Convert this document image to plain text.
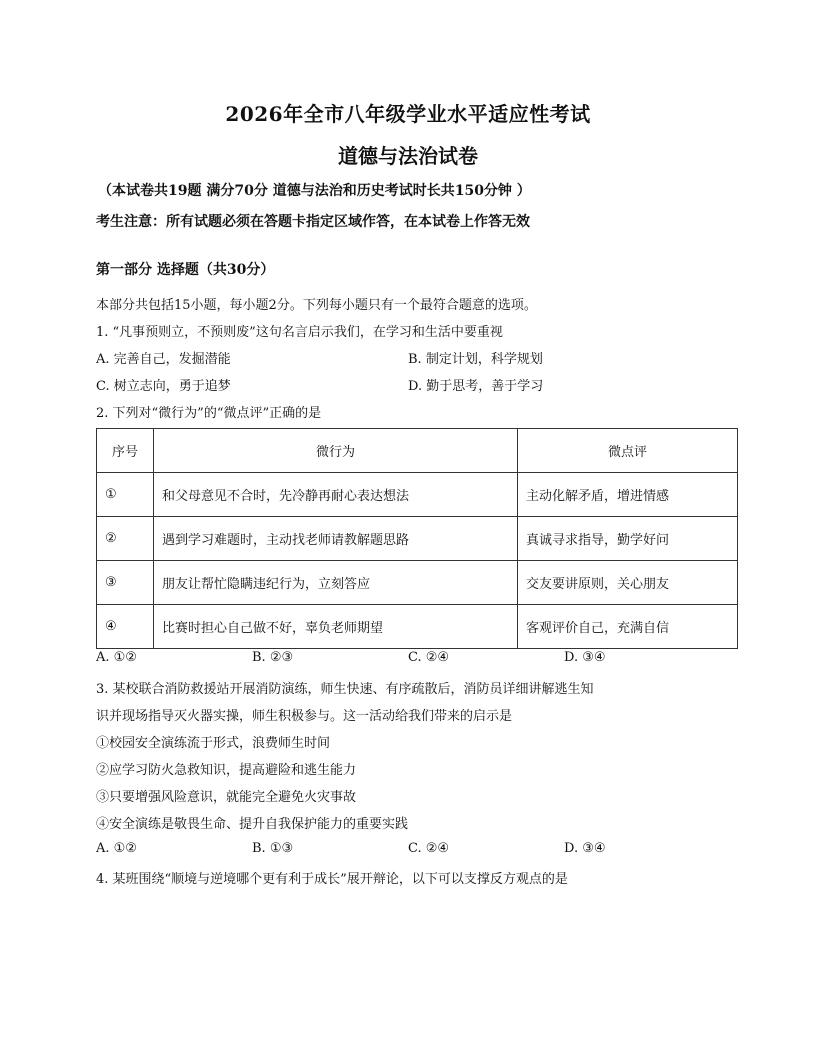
2026年全市八年级学业水平适应性考试
道德与法治试卷
（本试卷共19题 满分70分 道德与法治和历史考试时长共150分钟 ）
考生注意：所有试题必须在答题卡指定区域作答，在本试卷上作答无效
第一部分 选择题（共30分）
本部分共包括15小题，每小题2分。下列每小题只有一个最符合题意的选项。
1. “凡事预则立，不预则废”这句名言启示我们，在学习和生活中要重视
A. 完善自己，发掘潜能	B. 制定计划，科学规划
C. 树立志向，勇于追梦	D. 勤于思考，善于学习
2. 下列对“微行为”的“微点评”正确的是
序号	微行为	微点评
①	和父母意见不合时，先冷静再耐心表达想法	主动化解矛盾，增进情感
②	遇到学习难题时，主动找老师请教解题思路	真诚寻求指导，勤学好问
③	朋友让帮忙隐瞒违纪行为，立刻答应	交友要讲原则，关心朋友
④	比赛时担心自己做不好，辜负老师期望	客观评价自己，充满自信
A. ①②	B. ②③	C. ②④	D. ③④
3. 某校联合消防救援站开展消防演练，师生快速、有序疏散后，消防员详细讲解逃生知
识并现场指导灭火器实操，师生积极参与。这一活动给我们带来的启示是
①校园安全演练流于形式，浪费师生时间
②应学习防火急救知识，提高避险和逃生能力
③只要增强风险意识，就能完全避免火灾事故
④安全演练是敬畏生命、提升自我保护能力的重要实践
A. ①②	B. ①③	C. ②④	D. ③④
4. 某班围绕“顺境与逆境哪个更有利于成长”展开辩论，以下可以支撑反方观点的是
